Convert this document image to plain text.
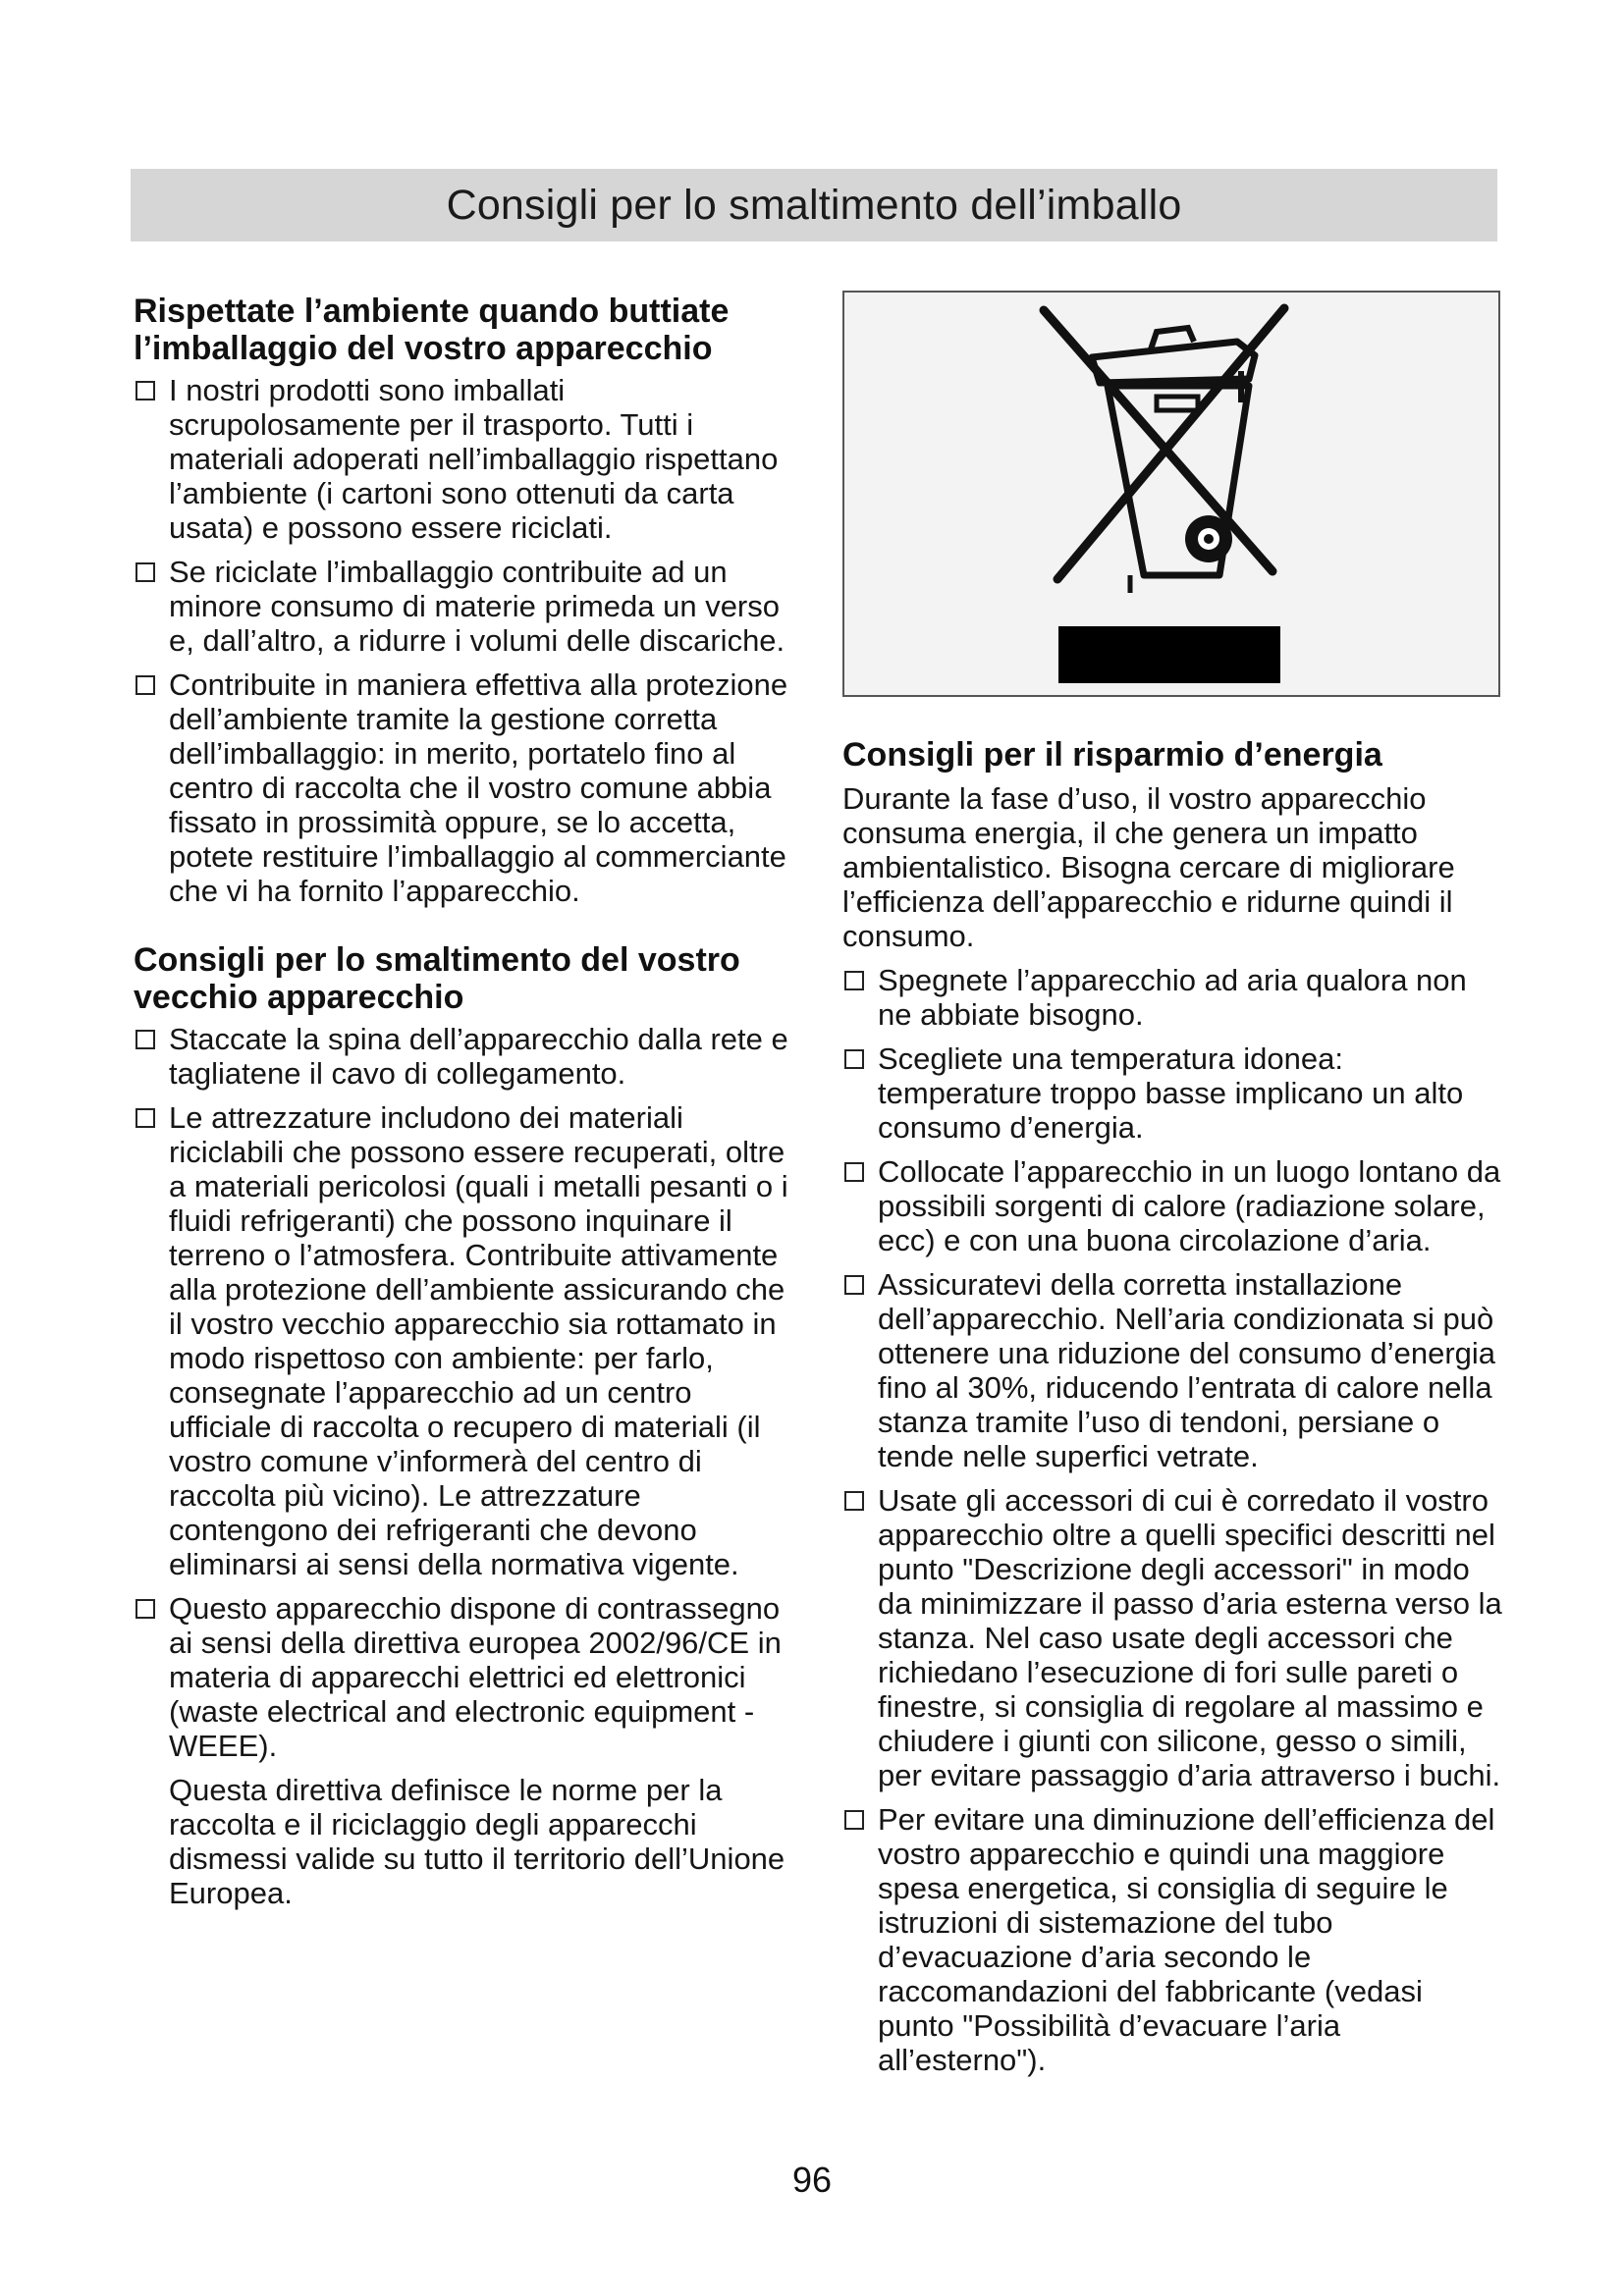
Consigli per lo smaltimento dell’imballo
Rispettate l’ambiente quando buttiate
l’imballaggio del vostro apparecchio
I nostri prodotti sono imballati scrupolosamente per il trasporto. Tutti i materiali adoperati nell’imballaggio rispettano l’ambiente (i cartoni sono ottenuti da carta usata) e possono essere riciclati.
Se riciclate l’imballaggio contribuite ad un minore consumo di materie primeda un verso e, dall’altro, a ridurre i volumi delle discariche.
Contribuite in maniera effettiva alla protezione dell’ambiente tramite la gestione corretta dell’imballaggio: in merito, portatelo fino al centro di raccolta che il vostro comune abbia fissato in prossimità oppure, se lo accetta, potete restituire l’imballaggio al commerciante che vi ha fornito l’apparecchio.
Consigli per lo smaltimento del vostro
vecchio apparecchio
Staccate la spina dell’apparecchio dalla rete e tagliatene il cavo di collegamento.
Le attrezzature includono dei materiali riciclabili che possono essere recuperati, oltre a materiali pericolosi (quali i metalli pesanti o i fluidi refrigeranti) che possono inquinare il terreno o l’atmosfera. Contribuite attivamente alla protezione dell’ambiente assicurando che il vostro vecchio apparecchio sia rottamato in modo rispettoso con ambiente: per farlo, consegnate l’apparecchio ad un centro ufficiale di raccolta o recupero di materiali (il vostro comune v’informerà del centro di raccolta più vicino). Le attrezzature contengono dei refrigeranti che devono eliminarsi ai sensi della normativa vigente.
Questo apparecchio dispone di contrassegno ai sensi della direttiva europea 2002/96/CE in materia di apparecchi elettrici ed elettronici (waste electrical and electronic equipment - WEEE).

Questa direttiva definisce le norme per la raccolta e il riciclaggio degli apparecchi dismessi valide su tutto il territorio dell’Unione Europea.

Consigli per il risparmio d’energia

Durante la fase d’uso, il vostro apparecchio consuma energia, il che genera un impatto ambientalistico. Bisogna cercare di migliorare l’efficienza dell’apparecchio e ridurne quindi il consumo.

Spegnete l’apparecchio ad aria qualora non ne abbiate bisogno.
Scegliete una temperatura idonea: temperature troppo basse implicano un alto consumo d’energia.
Collocate l’apparecchio in un luogo lontano da possibili sorgenti di calore (radiazione solare, ecc) e con una buona circolazione d’aria.
Assicuratevi della corretta installazione dell’apparecchio. Nell’aria condizionata si può ottenere una riduzione del consumo d’energia fino al 30%, riducendo l’entrata di calore nella stanza tramite l’uso di tendoni, persiane o tende nelle superfici vetrate.
Usate gli accessori di cui è corredato il vostro apparecchio oltre a quelli specifici descritti nel punto "Descrizione degli accessori" in modo da minimizzare il passo d’aria esterna verso la stanza. Nel caso usate degli accessori che richiedano l’esecuzione di fori sulle pareti o finestre, si consiglia di regolare al massimo e chiudere i giunti con silicone, gesso o simili, per evitare passaggio d’aria attraverso i buchi.
Per evitare una diminuzione dell’efficienza del vostro apparecchio e quindi una maggiore spesa energetica, si consiglia di seguire le istruzioni di sistemazione del tubo d’evacuazione d’aria secondo le raccomandazioni del fabbricante (vedasi punto "Possibilità d’evacuare l’aria all’esterno").
96
